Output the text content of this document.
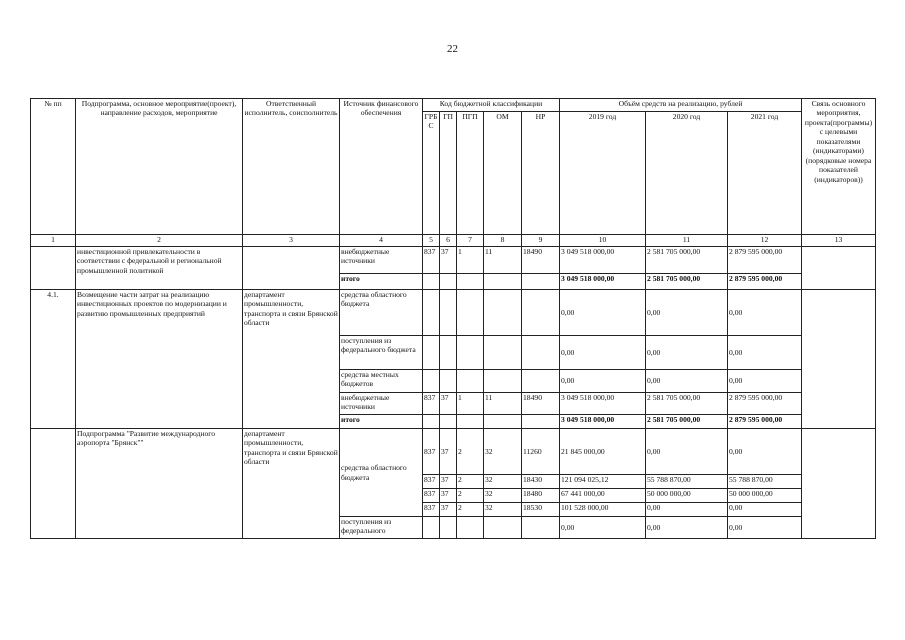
22
№ пп	Подпрограмма, основное мероприятие(проект), направление расходов, мероприятие	Ответственный исполнитель, соисполнитель	Источник финансового обеспечения	Код бюджетной классификации					Объём средств на реализацию, рублей			Связь основного мероприятия, проекта(программы) с целевыми показателями (индикаторами) (порядковые номера показателей (индикаторов))
				ГРБ С	ГП	ПГП	ОМ	НР	2019 год	2020 год	2021 год	
1	2	3	4	5	6	7	8	9	10	11	12	13
	инвестиционной привлекательности в соответствии с федеральной и региональной промышленной политикой		внебюджетные источники	837	37	1	11	18490	3 049 518 000,00	2 581 705 000,00	2 879 595 000,00	
			итого						3 049 518 000,00	2 581 705 000,00	2 879 595 000,00	
4.1.	Возмещение части затрат на реализацию инвестиционных проектов по модернизации и развитию промышленных предприятий	департамент промышленности, транспорта и связи Брянской области	средства областного бюджета						0,00	0,00	0,00	
			поступления из федерального бюджета						0,00	0,00	0,00	
			средства местных бюджетов						0,00	0,00	0,00	
			внебюджетные источники	837	37	1	11	18490	3 049 518 000,00	2 581 705 000,00	2 879 595 000,00	
			итого						3 049 518 000,00	2 581 705 000,00	2 879 595 000,00	
	Подпрограмма "Развитие международного аэропорта "Брянск""	департамент промышленности, транспорта и связи Брянской области	средства областного бюджета	837	37	2	32	11260	21 845 000,00	0,00	0,00	
				837	37	2	32	18430	121 094 025,12	55 788 870,00	55 788 870,00	
				837	37	2	32	18480	67 441 000,00	50 000 000,00	50 000 000,00	
				837	37	2	32	18530	101 528 000,00	0,00	0,00	
			поступления из федерального						0,00	0,00	0,00	
